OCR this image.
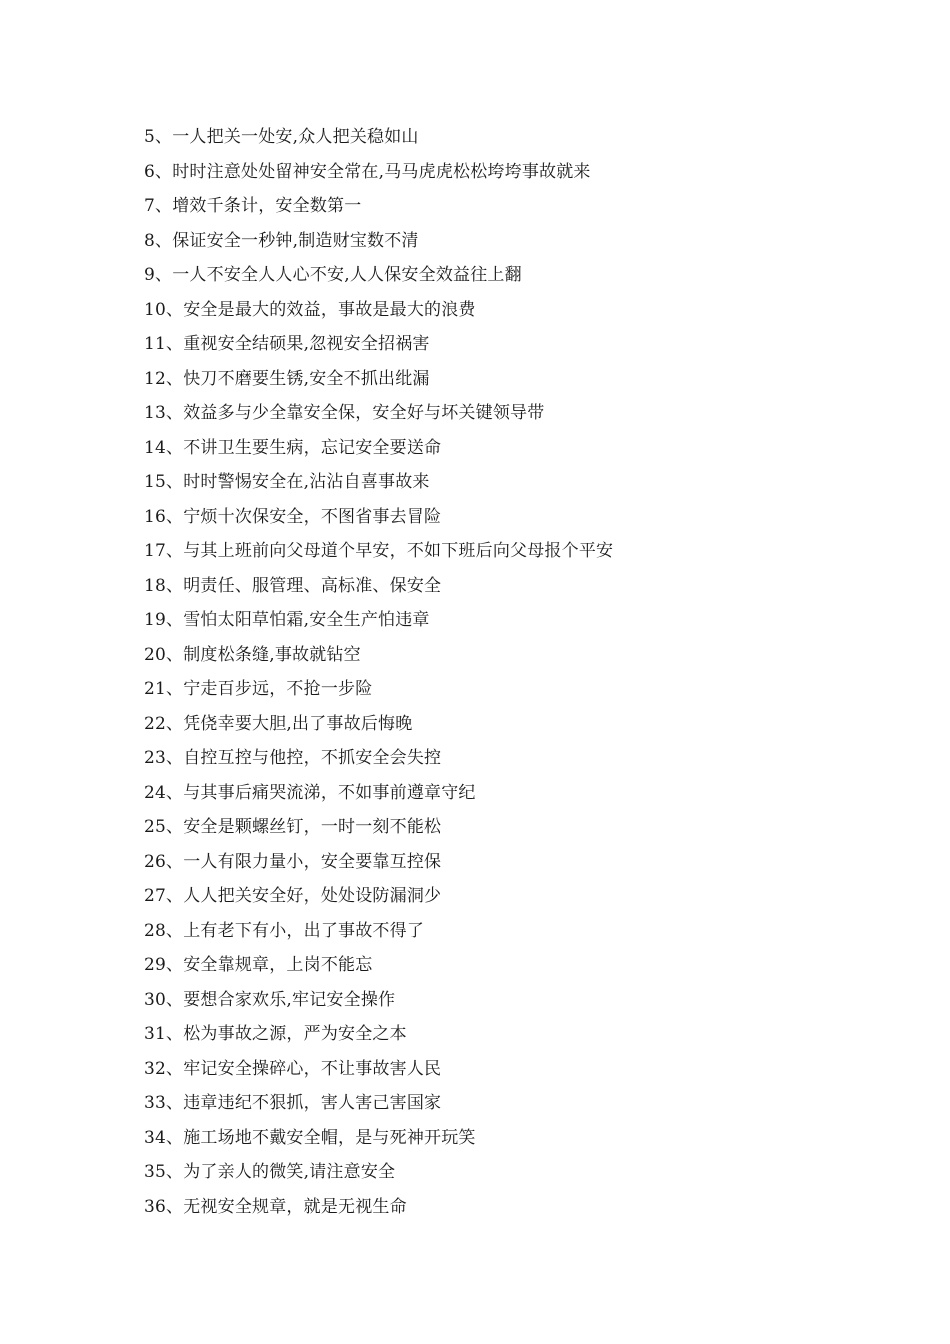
5、一人把关一处安,众人把关稳如山
6、时时注意处处留神安全常在,马马虎虎松松垮垮事故就来
7、增效千条计，安全数第一
8、保证安全一秒钟,制造财宝数不清
9、一人不安全人人心不安,人人保安全效益往上翻
10、安全是最大的效益，事故是最大的浪费
11、重视安全结硕果,忽视安全招祸害
12、快刀不磨要生锈,安全不抓出纰漏
13、效益多与少全靠安全保，安全好与坏关键领导带
14、不讲卫生要生病，忘记安全要送命
15、时时警惕安全在,沾沾自喜事故来
16、宁烦十次保安全，不图省事去冒险
17、与其上班前向父母道个早安，不如下班后向父母报个平安
18、明责任、服管理、高标准、保安全
19、雪怕太阳草怕霜,安全生产怕违章
20、制度松条缝,事故就钻空
21、宁走百步远，不抢一步险
22、凭侥幸要大胆,出了事故后悔晚
23、自控互控与他控，不抓安全会失控
24、与其事后痛哭流涕，不如事前遵章守纪
25、安全是颗螺丝钉，一时一刻不能松
26、一人有限力量小，安全要靠互控保
27、人人把关安全好，处处设防漏洞少
28、上有老下有小，出了事故不得了
29、安全靠规章，上岗不能忘
30、要想合家欢乐,牢记安全操作
31、松为事故之源，严为安全之本
32、牢记安全操碎心，不让事故害人民
33、违章违纪不狠抓，害人害己害国家
34、施工场地不戴安全帽，是与死神开玩笑
35、为了亲人的微笑,请注意安全
36、无视安全规章，就是无视生命
